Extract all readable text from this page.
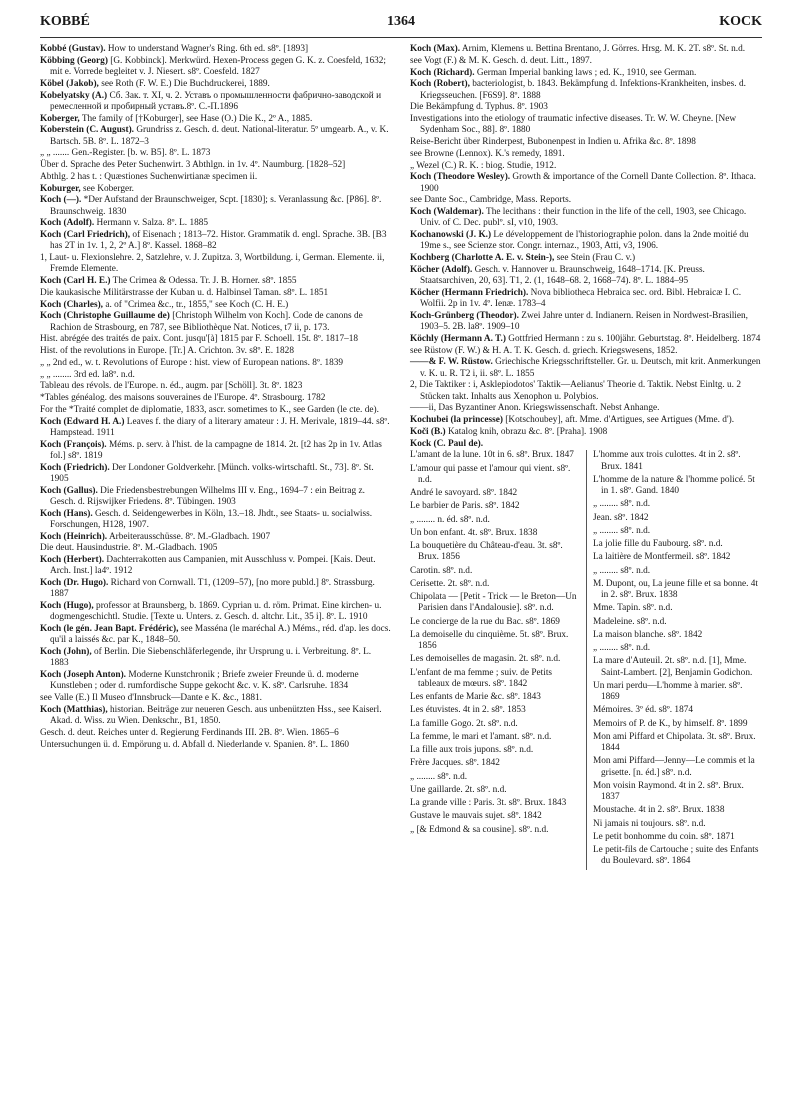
1364
KOBBÉ	KOCK
Kobbé (Gustav). How to understand Wagner's Ring. 6th ed. s8º. [1893]
Köbbing (Georg) [G. Kobbinck]. Merkwürd. Hexen-Process gegen G. K. z. Coesfeld, 1632; mit e. Vorrede begleitet v. J. Niesert. s8º. Coesfeld. 1827
Köbel (Jakob), see Roth (F. W. E.) Die Buchdruckerei, 1889.
Kobelyatsky (A.) Сб. Зак. т. XI, ч. 2. Уставъ о промышленности фабрично-заводской и ремесленной и пробирный уставъ.8º. С.-П.1896
Koberger, The family of [†Koburger], see Hase (O.) Die K., 2º A., 1885.
Koberstein (C. August). Grundriss z. Gesch. d. deut. National-literatur. 5º umgearb. A., v. K. Bartsch. 5B. 8º. L. 1872–3
„ „ ....... Gen.-Register. [b. w. B5]. 8º. L. 1873
Über d. Sprache des Peter Suchenwirt. 3 Abthlgn. in 1v. 4º. Naumburg. [1828–52]
Abthlg. 2 has t. : Quæstiones Suchenwirtianæ specimen ii.
Koburger, see Koberger.
Koch (—). *Der Aufstand der Braunschweiger, Scpt. [1830]; s. Veranlassung &c. [P86]. 8º. Braunschweig. 1830
Koch (Adolf). Hermann v. Salza. 8º. L. 1885
Koch (Carl Friedrich), of Eisenach ; 1813–72. Histor. Grammatik d. engl. Sprache. 3B. [B3 has 2T in 1v. 1, 2, 2º A.] 8º. Kassel. 1868–82
1, Laut- u. Flexionslehre. 2, Satzlehre, v. J. Zupitza. 3, Wortbildung. i, German. Elemente. ii, Fremde Elemente.
Koch (Carl H. E.) The Crimea & Odessa. Tr. J. B. Horner. s8º. 1855
Die kaukasische Militärstrasse der Kuban u. d. Halbinsel Taman. s8º. L. 1851
Koch (Charles), a. of "Crimea &c., tr., 1855," see Koch (C. H. E.)
Koch (Christophe Guillaume de) [Christoph Wilhelm von Koch]. Code de canons de Rachion de Strasbourg, en 787, see Bibliothèque Nat. Notices, t7 ii, p. 173.
Hist. abrégée des traités de paix. Cont. jusqu'[à] 1815 par F. Schoell. 15t. 8º. 1817–18
Hist. of the revolutions in Europe. [Tr.] A. Crichton. 3v. s8º. E. 1828
„ „ 2nd ed., w. t. Revolutions of Europe : hist. view of European nations. 8º. 1839
„ „ ........ 3rd ed. la8º. n.d.
Tableau des révols. de l'Europe. n. éd., augm. par [Schöll]. 3t. 8º. 1823
*Tables généalog. des maisons souveraines de l'Europe. 4º. Strasbourg. 1782
For the *Traité complet de diplomatie, 1833, ascr. sometimes to K., see Garden (le cte. de).
Koch (Edward H. A.) Leaves f. the diary of a literary amateur : J. H. Merivale, 1819–44. s8º. Hampstead. 1911
Koch (François). Méms. p. serv. à l'hist. de la campagne de 1814. 2t. [t2 has 2p in 1v. Atlas fol.] s8º. 1819
Koch (Friedrich). Der Londoner Goldverkehr. [Münch. volks-wirtschaftl. St., 73]. 8º. St. 1905
Koch (Gallus). Die Friedensbestrebungen Wilhelms III v. Eng., 1694–7 : ein Beitrag z. Gesch. d. Rijswijker Friedens. 8º. Tübingen. 1903
Koch (Hans). Gesch. d. Seidengewerbes in Köln, 13.–18. Jhdt., see Staats- u. socialwiss. Forschungen, H128, 1907.
Koch (Heinrich). Arbeiterausschüsse. 8º. M.-Gladbach. 1907
Die deut. Hausindustrie. 8º. M.-Gladbach. 1905
Koch (Herbert). Dachterrakotten aus Campanien, mit Ausschluss v. Pompei. [Kais. Deut. Arch. Inst.] la4º. 1912
Koch (Dr. Hugo). Richard von Cornwall. T1, (1209–57), [no more publd.] 8º. Strassburg. 1887
Koch (Hugo), professor at Braunsberg, b. 1869. Cyprian u. d. röm. Primat. Eine kirchen- u. dogmengeschichtl. Studie. [Texte u. Unters. z. Gesch. d. altchr. Lit., 35 i]. 8º. L. 1910
Koch (le gén. Jean Bapt. Frédéric), see Masséna (le maréchal A.) Méms., réd. d'ap. les docs. qu'il a laissés &c. par K., 1848–50.
Koch (John), of Berlin. Die Siebenschläferlegende, ihr Ursprung u. i. Verbreitung. 8º. L. 1883
Koch (Joseph Anton). Moderne Kunstchronik ; Briefe zweier Freunde ü. d. moderne Kunstleben ; oder d. rumfordische Suppe gekocht &c. v. K. s8º. Carlsruhe. 1834
see Valle (E.) Il Museo d'Innsbruck—Dante e K. &c., 1881.
Koch (Matthias), historian. Beiträge zur neueren Gesch. aus unbenützten Hss., see Kaiserl. Akad. d. Wiss. zu Wien. Denkschr., B1, 1850.
Gesch. d. deut. Reiches unter d. Regierung Ferdinands III. 2B. 8º. Wien. 1865–6
Untersuchungen ü. d. Empörung u. d. Abfall d. Niederlande v. Spanien. 8º. L. 1860
Koch (Max). Arnim, Klemens u. Bettina Brentano, J. Görres. Hrsg. M. K. 2T. s8º. St. n.d.
see Vogt (F.) & M. K. Gesch. d. deut. Litt., 1897.
Koch (Richard). German Imperial banking laws ; ed. K., 1910, see German.
Koch (Robert), bacteriologist, b. 1843. Bekämpfung d. Infektions-Krankheiten, insbes. d. Kriegsseuchen. [F6S9]. 8º. 1888
Die Bekämpfung d. Typhus. 8º. 1903
Investigations into the etiology of traumatic infective diseases. Tr. W. W. Cheyne. [New Sydenham Soc., 88]. 8º. 1880
Reise-Bericht über Rinderpest, Bubonenpest in Indien u. Afrika &c. 8º. 1898
see Browne (Lennox). K.'s remedy, 1891.
„ Wezel (C.) R. K. : biog. Studie, 1912.
Koch (Theodore Wesley). Growth & importance of the Cornell Dante Collection. 8º. Ithaca. 1900
see Dante Soc., Cambridge, Mass. Reports.
Koch (Waldemar). The lecithans : their function in the life of the cell, 1903, see Chicago. Univ. of C. Dec. publº. sI, v10, 1903.
Kochanowski (J. K.) Le développement de l'historiographie polon. dans la 2nde moitié du 19me s., see Scienze stor. Congr. internaz., 1903, Atti, v3, 1906.
Kochberg (Charlotte A. E. v. Stein-), see Stein (Frau C. v.)
Köcher (Adolf). Gesch. v. Hannover u. Braunschweig, 1648–1714. [K. Preuss. Staatsarchiven, 20, 63]. T1, 2. (1, 1648–68. 2, 1668–74). 8º. L. 1884–95
Köcher (Hermann Friedrich). Nova bibliotheca Hebraica sec. ord. Bibl. Hebraicæ I. C. Wolfii. 2p in 1v. 4º. Ienæ. 1783–4
Koch-Grünberg (Theodor). Zwei Jahre unter d. Indianern. Reisen in Nordwest-Brasilien, 1903–5. 2B. la8º. 1909–10
Köchly (Hermann A. T.) Gottfried Hermann : zu s. 100jähr. Geburtstag. 8º. Heidelberg. 1874
see Rüstow (F. W.) & H. A. T. K. Gesch. d. griech. Kriegswesens, 1852.
——& F. W. Rüstow. Griechische Kriegsschriftsteller. Gr. u. Deutsch, mit krit. Anmerkungen v. K. u. R. T2 i, ii. s8º. L. 1855
2, Die Taktiker : i, Asklepiodotos' Taktik—Aelianus' Theorie d. Taktik. Nebst Einltg. u. 2 Stücken takt. Inhalts aus Xenophon u. Polybios.
——ii, Das Byzantiner Anon. Kriegswissenschaft. Nebst Anhange.
Kochubei (la princesse) [Kotschoubey], aft. Mme. d'Artigues, see Artigues (Mme. d').
Koči (B.) Katalog knih, obrazu &c. 8º. [Praha]. 1908
Kock (C. Paul de).
L'amant de la lune. 10t in 6. s8º. Brux. 1847
L'amour qui passe et l'amour qui vient. s8º. n.d.
André le savoyard. s8º. 1842
Le barbier de Paris. s8º. 1842
„ ........ n. éd. s8º. n.d.
Un bon enfant. 4t. s8º. Brux. 1838
La bouquetière du Château-d'eau. 3t. s8º. Brux. 1856
Carotin. s8º. n.d.
Cerisette. 2t. s8º. n.d.
Chipolata — [Petit - Trick — le Breton—Un Parisien dans l'Andalousie]. s8º. n.d.
Le concierge de la rue du Bac. s8º. 1869
La demoiselle du cinquième. 5t. s8º. Brux. 1856
Les demoiselles de magasin. 2t. s8º. n.d.
L'enfant de ma femme ; suiv. de Petits tableaux de mœurs. s8º. 1842
Les enfants de Marie &c. s8º. 1843
Les étuvistes. 4t in 2. s8º. 1853
La famille Gogo. 2t. s8º. n.d.
La femme, le mari et l'amant. s8º. n.d.
La fille aux trois jupons. s8º. n.d.
Frère Jacques. s8º. 1842
„ ........ s8º. n.d.
Une gaillarde. 2t. s8º. n.d.
La grande ville : Paris. 3t. s8º. Brux. 1843
Gustave le mauvais sujet. s8º. 1842
„ [& Edmond & sa cousine]. s8º. n.d.
L'homme aux trois culottes. 4t in 2. s8º. Brux. 1841
L'homme de la nature & l'homme policé. 5t in 1. s8º. Gand. 1840
„ ........ s8º. n.d.
Jean. s8º. 1842
„ ........ s8º. n.d.
La jolie fille du Faubourg. s8º. n.d.
La laitière de Montfermeil. s8º. 1842
„ ........ s8º. n.d.
M. Dupont, ou, La jeune fille et sa bonne. 4t in 2. s8º. Brux. 1838
Mme. Tapin. s8º. n.d.
Madeleine. s8º. n.d.
La maison blanche. s8º. 1842
„ ........ s8º. n.d.
La mare d'Auteuil. 2t. s8º. n.d. [1], Mme. Saint-Lambert. [2], Benjamin Godichon.
Un mari perdu—L'homme à marier. s8º. 1869
Mémoires. 3º éd. s8º. 1874
Memoirs of P. de K., by himself. 8º. 1899
Mon ami Piffard et Chipolata. 3t. s8º. Brux. 1844
Mon ami Piffard—Jenny—Le commis et la grisette. [n. éd.] s8º. n.d.
Mon voisin Raymond. 4t in 2. s8º. Brux. 1837
Moustache. 4t in 2. s8º. Brux. 1838
Ni jamais ni toujours. s8º. n.d.
Le petit bonhomme du coin. s8º. 1871
Le petit-fils de Cartouche ; suite des Enfants du Boulevard. s8º. 1864
